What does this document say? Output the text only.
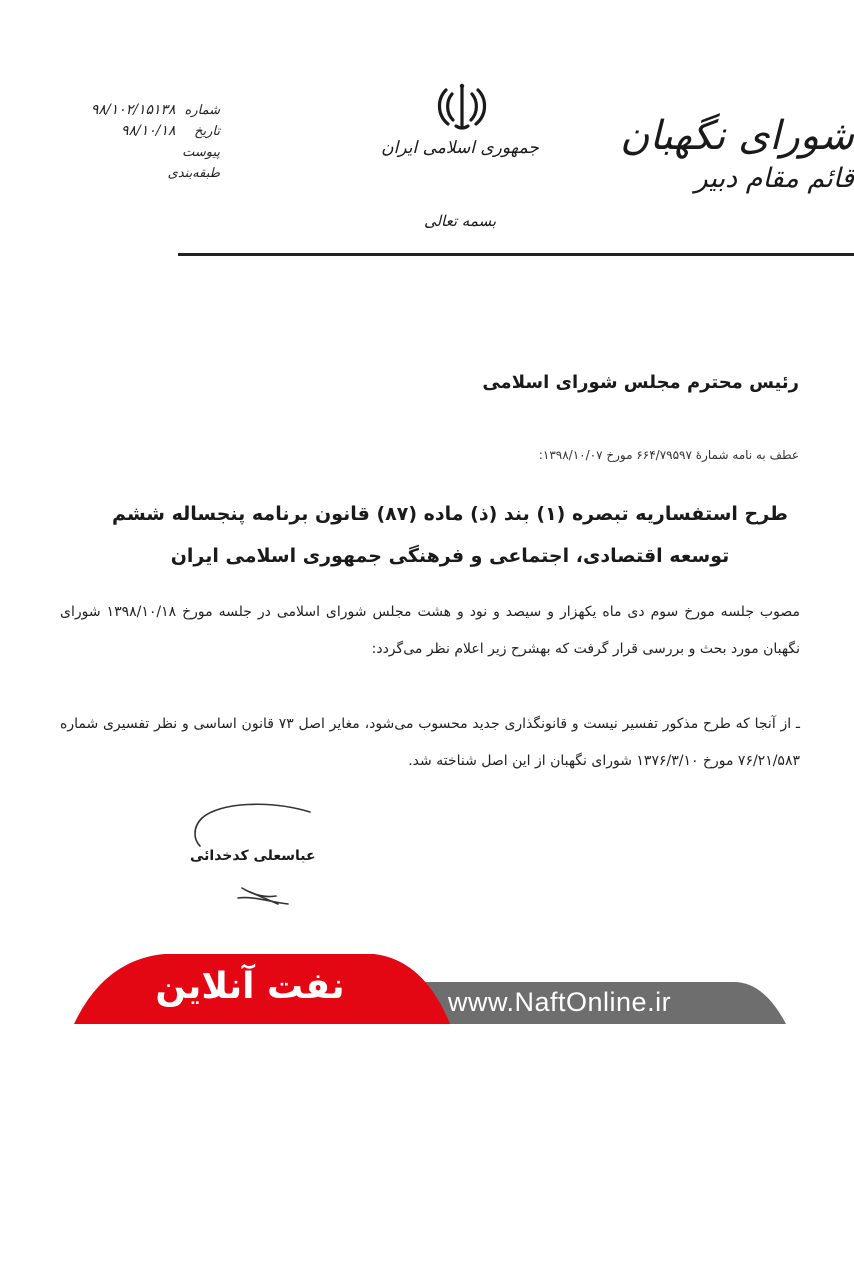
شماره ۹۸/۱۰۲/۱۵۱۳۸
تاریخ ۹۸/۱۰/۱۸
پیوست
طبقه‌بندی
جمهوری اسلامی ایران
بسمه تعالی
شورای نگهبان
قائم مقام دبیر
رئیس محترم مجلس شورای اسلامی
عطف به نامه شمارهٔ ۶۶۴/۷۹۵۹۷ مورخ ۱۳۹۸/۱۰/۰۷:
طرح استفساریه تبصره (۱) بند (ذ) ماده (۸۷) قانون برنامه پنجساله ششم
توسعه اقتصادی، اجتماعی و فرهنگی جمهوری اسلامی ایران
مصوب جلسه مورخ سوم دی ماه یکهزار و سیصد و نود و هشت مجلس شورای اسلامی در جلسه مورخ ۱۳۹۸/۱۰/۱۸ شورای نگهبان مورد بحث و بررسی قرار گرفت که بهشرح زیر اعلام نظر می‌گردد:
ـ از آنجا که طرح مذکور تفسیر نیست و قانونگذاری جدید محسوب می‌شود، مغایر اصل ۷۳ قانون اساسی و نظر تفسیری شماره ۷۶/۲۱/۵۸۳ مورخ ۱۳۷۶/۳/۱۰ شورای نگهبان از این اصل شناخته شد.
عباسعلی کدخدائی
نفت آنلاین	www.NaftOnline.ir
